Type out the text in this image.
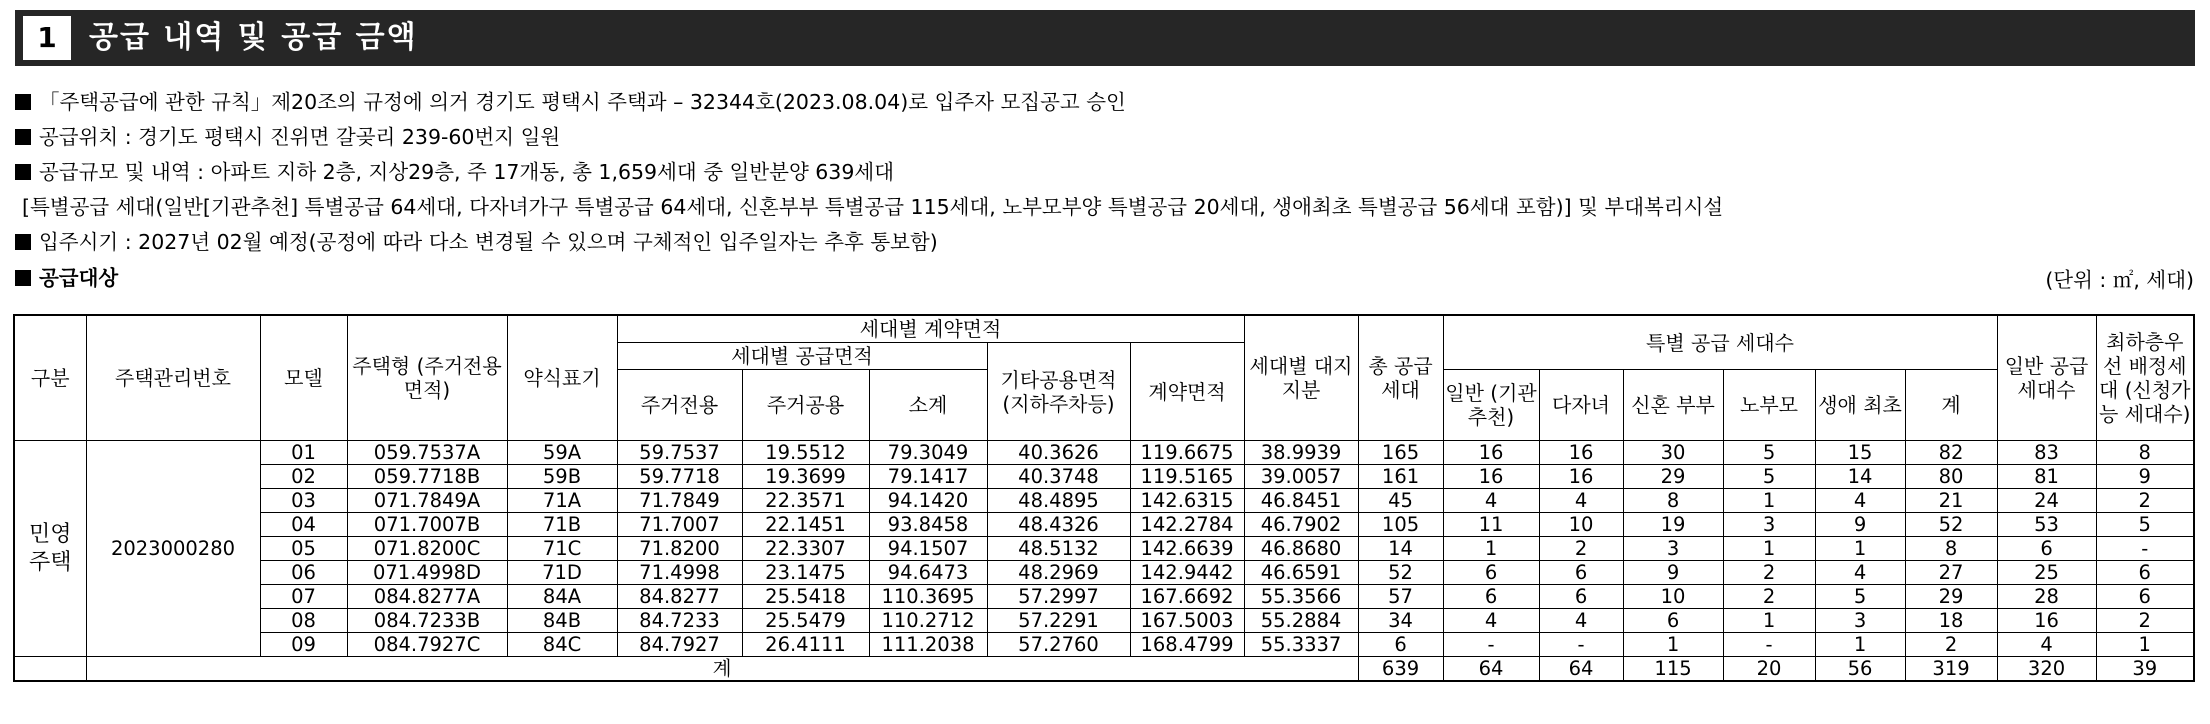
1	공급 내역 및 공급 금액
「주택공급에 관한 규칙」제20조의 규정에 의거 경기도 평택시 주택과 – 32344호(2023.08.04)로 입주자 모집공고 승인
공급위치 : 경기도 평택시 진위면 갈곶리 239-60번지 일원
공급규모 및 내역 : 아파트 지하 2층, 지상29층, 주 17개동, 총 1,659세대 중 일반분양 639세대
[특별공급 세대(일반[기관추천] 특별공급 64세대, 다자녀가구 특별공급 64세대, 신혼부부 특별공급 115세대, 노부모부양 특별공급 20세대, 생애최초 특별공급 56세대 포함)] 및 부대복리시설
입주시기 : 2027년 02월 예정(공정에 따라 다소 변경될 수 있으며 구체적인 입주일자는 추후 통보함)
공급대상	(단위 : ㎡, 세대)
구분	주택관리번호	모델	주택형 (주거전용 면적)	약식표기	세대별 계약면적					세대별 대지지분	총 공급 세대	특별 공급 세대수						일반 공급 세대수	최하층우선 배정세대 (신청가능 세대수)
					세대별 공급면적			기타공용면적 (지하주차등)	계약면적										
					주거전용	주거공용	소계					일반 (기관 추천)	다자녀	신혼 부부	노부모	생애 최초	계		
민영 주택	2023000280	01	059.7537A	59A	59.7537	19.5512	79.3049	40.3626	119.6675	38.9939	165	16	16	30	5	15	82	83	8
		02	059.7718B	59B	59.7718	19.3699	79.1417	40.3748	119.5165	39.0057	161	16	16	29	5	14	80	81	9
		03	071.7849A	71A	71.7849	22.3571	94.1420	48.4895	142.6315	46.8451	45	4	4	8	1	4	21	24	2
		04	071.7007B	71B	71.7007	22.1451	93.8458	48.4326	142.2784	46.7902	105	11	10	19	3	9	52	53	5
		05	071.8200C	71C	71.8200	22.3307	94.1507	48.5132	142.6639	46.8680	14	1	2	3	1	1	8	6	-
		06	071.4998D	71D	71.4998	23.1475	94.6473	48.2969	142.9442	46.6591	52	6	6	9	2	4	27	25	6
		07	084.8277A	84A	84.8277	25.5418	110.3695	57.2997	167.6692	55.3566	57	6	6	10	2	5	29	28	6
		08	084.7233B	84B	84.7233	25.5479	110.2712	57.2291	167.5003	55.2884	34	4	4	6	1	3	18	16	2
		09	084.7927C	84C	84.7927	26.4111	111.2038	57.2760	168.4799	55.3337	6	-	-	1	-	1	2	4	1
	계										639	64	64	115	20	56	319	320	39
